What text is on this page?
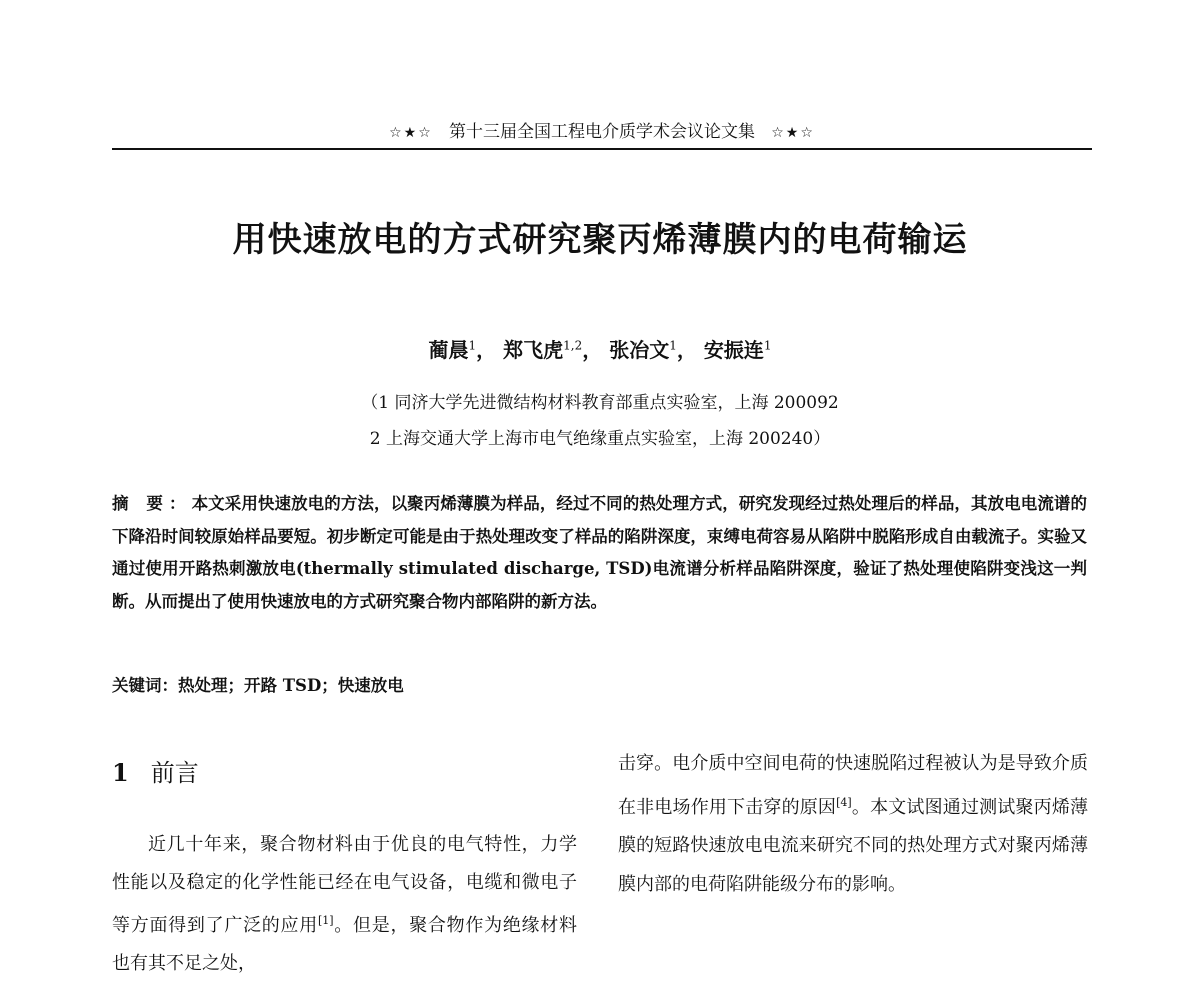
☆★☆ 第十三届全国工程电介质学术会议论文集 ☆★☆
用快速放电的方式研究聚丙烯薄膜内的电荷输运
蔺晨$^1$， 郑飞虎$^{1,2}$， 张冶文$^1$， 安振连$^1$
（1 同济大学先进微结构材料教育部重点实验室，上海 200092
2 上海交通大学上海市电气绝缘重点实验室，上海 200240）
摘 要：本文采用快速放电的方法，以聚丙烯薄膜为样品，经过不同的热处理方式，研究发现经过热处理后的样品，其放电电流谱的下降沿时间较原始样品要短。初步断定可能是由于热处理改变了样品的陷阱深度，束缚电荷容易从陷阱中脱陷形成自由载流子。实验又通过使用开路热刺激放电(thermally stimulated discharge, TSD)电流谱分析样品陷阱深度，验证了热处理使陷阱变浅这一判断。从而提出了使用快速放电的方式研究聚合物内部陷阱的新方法。
关键词：热处理；开路 TSD；快速放电
1 前言

近几十年来，聚合物材料由于优良的电气特性，力学性能以及稳定的化学性能已经在电气设备，电缆和微电子等方面得到了广泛的应用[1]。但是，聚合物作为绝缘材料也有其不足之处，

击穿。电介质中空间电荷的快速脱陷过程被认为是导致介质在非电场作用下击穿的原因[4]。本文试图通过测试聚丙烯薄膜的短路快速放电电流来研究不同的热处理方式对聚丙烯薄膜内部的电荷陷阱能级分布的影响。
